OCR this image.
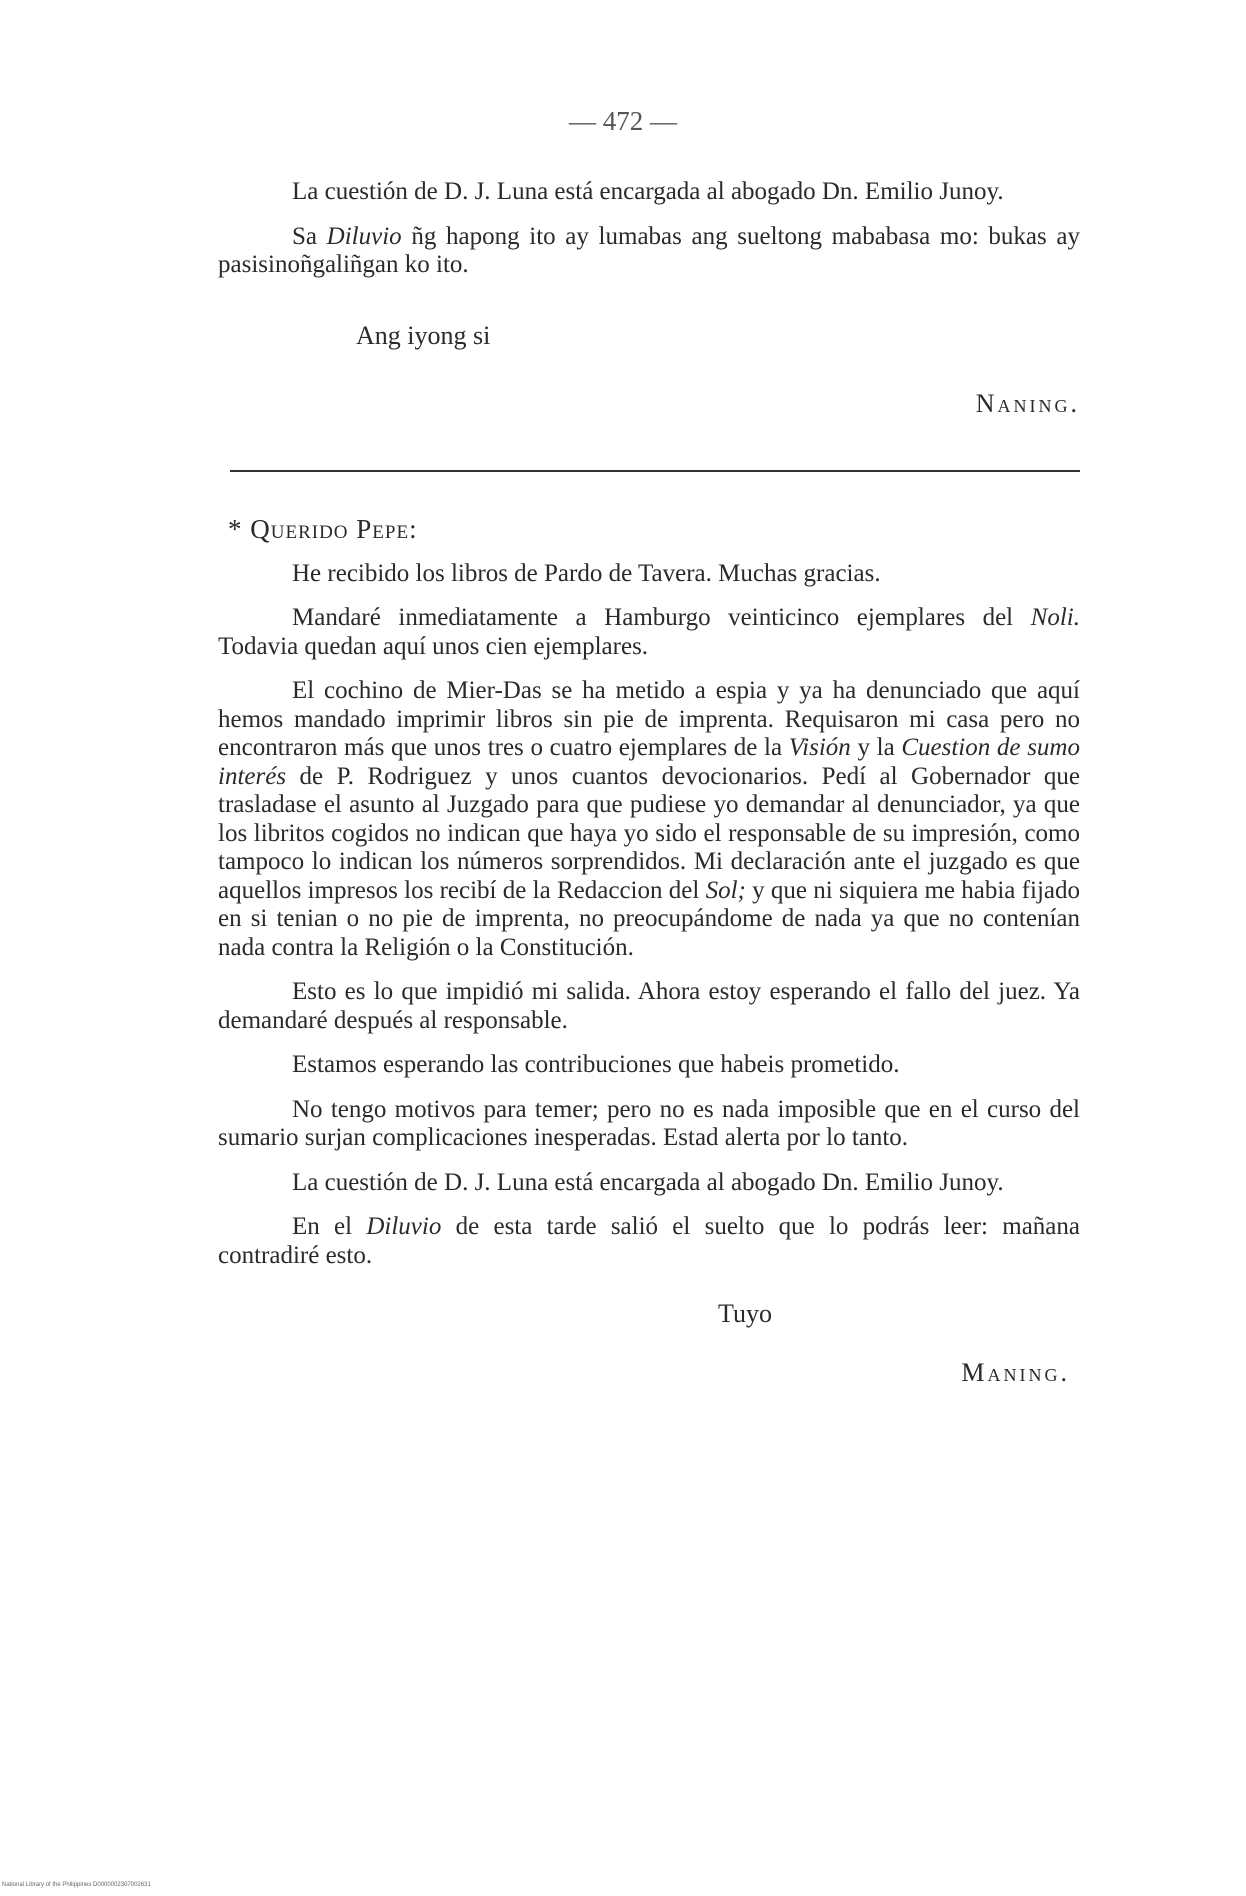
— 472 —

La cuestión de D. J. Luna está encargada al abogado Dn. Emilio Junoy.

Sa Diluvio ñg hapong ito ay lumabas ang sueltong mababasa mo: bukas ay pasisinoñgaliñgan ko ito.

Ang iyong si

Naning.

* Querido Pepe:

He recibido los libros de Pardo de Tavera. Muchas gracias.

Mandaré inmediatamente a Hamburgo veinticinco ejemplares del Noli. Todavia quedan aquí unos cien ejemplares.

El cochino de Mier-Das se ha metido a espia y ya ha denunciado que aquí hemos mandado imprimir libros sin pie de imprenta. Requisaron mi casa pero no encontraron más que unos tres o cuatro ejemplares de la Visión y la Cuestion de sumo interés de P. Rodriguez y unos cuantos devocionarios. Pedí al Gobernador que trasladase el asunto al Juzgado para que pudiese yo demandar al denunciador, ya que los libritos cogidos no indican que haya yo sido el responsable de su impresión, como tampoco lo indican los números sorprendidos. Mi declaración ante el juzgado es que aquellos impresos los recibí de la Redaccion del Sol; y que ni siquiera me habia fijado en si tenian o no pie de imprenta, no preocupándome de nada ya que no contenían nada contra la Religión o la Constitución.

Esto es lo que impidió mi salida. Ahora estoy esperando el fallo del juez. Ya demandaré después al responsable.

Estamos esperando las contribuciones que habeis prometido.

No tengo motivos para temer; pero no es nada imposible que en el curso del sumario surjan complicaciones inesperadas. Estad alerta por lo tanto.

La cuestión de D. J. Luna está encargada al abogado Dn. Emilio Junoy.

En el Diluvio de esta tarde salió el suelto que lo podrás leer: mañana contradiré esto.

Tuyo

Maning.

National Library of the Philippines D0000002307002631
